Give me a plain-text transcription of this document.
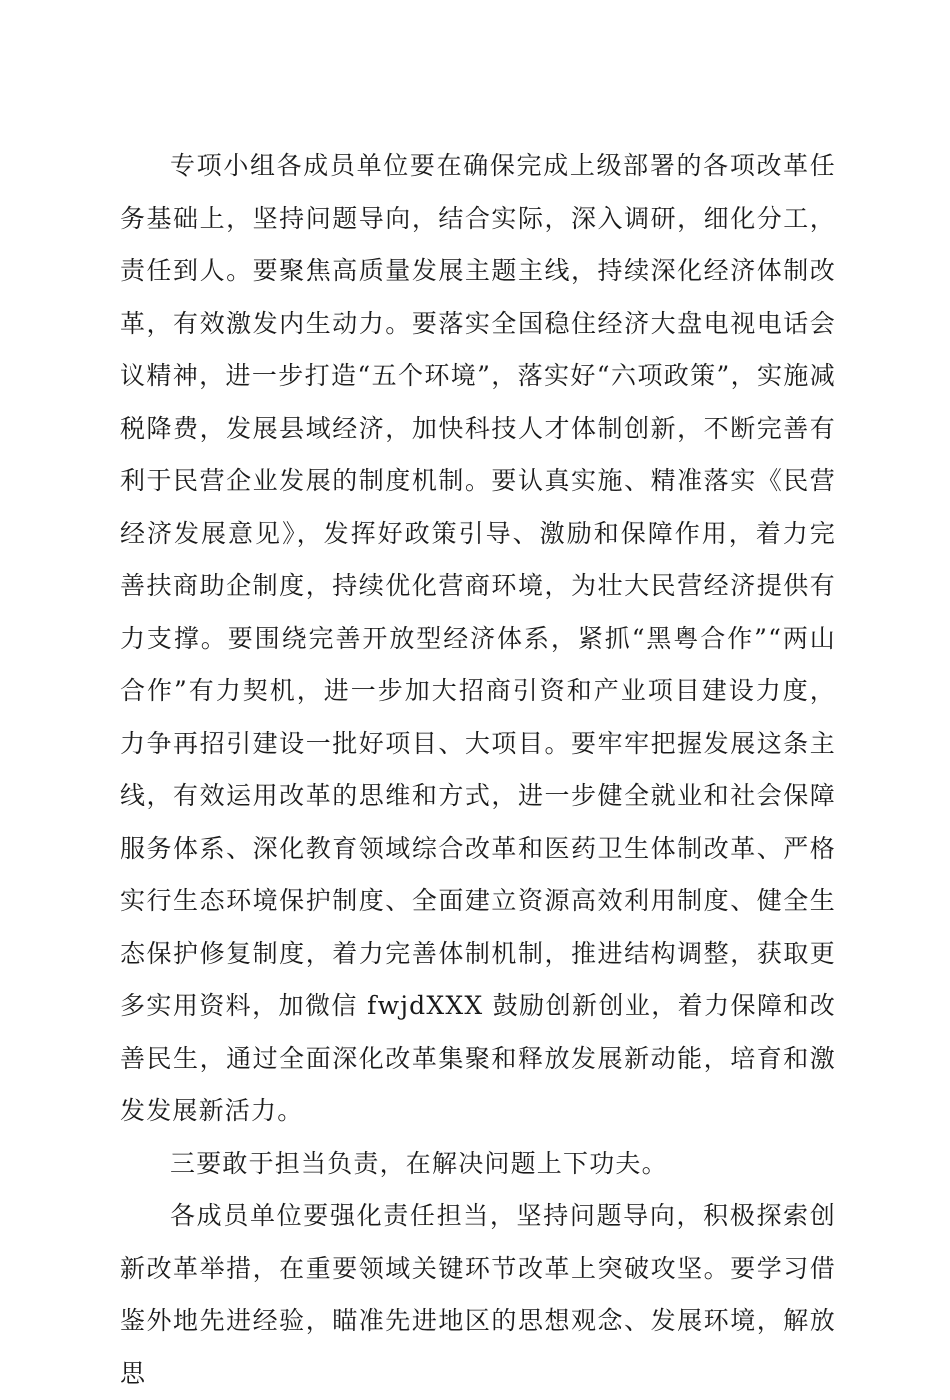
专项小组各成员单位要在确保完成上级部署的各项改革任务基础上，坚持问题导向，结合实际，深入调研，细化分工，责任到人。要聚焦高质量发展主题主线，持续深化经济体制改革，有效激发内生动力。要落实全国稳住经济大盘电视电话会议精神，进一步打造“五个环境”，落实好“六项政策”，实施减税降费，发展县域经济，加快科技人才体制创新，不断完善有利于民营企业发展的制度机制。要认真实施、精准落实《民营经济发展意见》，发挥好政策引导、激励和保障作用，着力完善扶商助企制度，持续优化营商环境，为壮大民营经济提供有力支撑。要围绕完善开放型经济体系，紧抓“黑粤合作”“两山合作”有力契机，进一步加大招商引资和产业项目建设力度，力争再招引建设一批好项目、大项目。要牢牢把握发展这条主线，有效运用改革的思维和方式，进一步健全就业和社会保障服务体系、深化教育领域综合改革和医药卫生体制改革、严格实行生态环境保护制度、全面建立资源高效利用制度、健全生态保护修复制度，着力完善体制机制，推进结构调整，获取更多实用资料，加微信 fwjdXXX 鼓励创新创业，着力保障和改善民生，通过全面深化改革集聚和释放发展新动能，培育和激发发展新活力。

三要敢于担当负责，在解决问题上下功夫。

各成员单位要强化责任担当，坚持问题导向，积极探索创新改革举措，在重要领域关键环节改革上突破攻坚。要学习借鉴外地先进经验，瞄准先进地区的思想观念、发展环境，解放思
